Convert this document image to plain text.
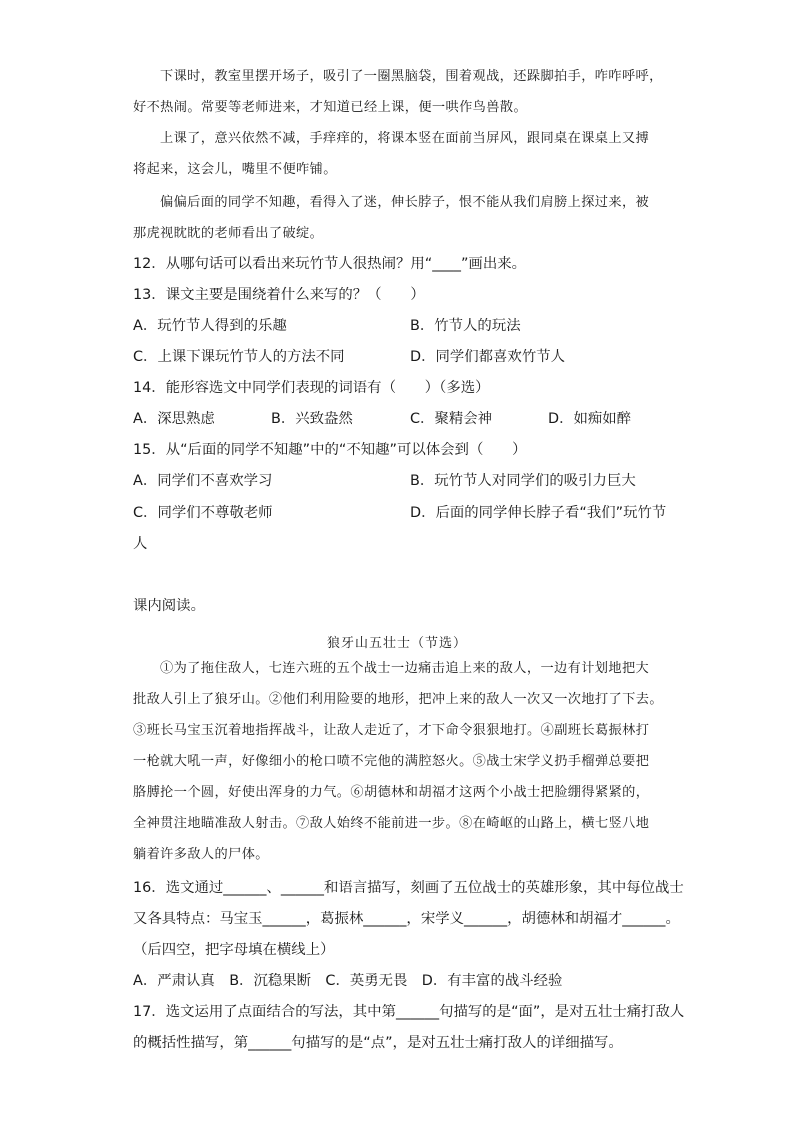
下课时，教室里摆开场子，吸引了一圈黑脑袋，围着观战，还跺脚拍手，咋咋呼呼，
好不热闹。常要等老师进来，才知道已经上课，便一哄作鸟兽散。
上课了，意兴依然不减，手痒痒的，将课本竖在面前当屏风，跟同桌在课桌上又搏
将起来，这会儿，嘴里不便咋铺。
偏偏后面的同学不知趣，看得入了迷，伸长脖子，恨不能从我们肩膀上探过来，被
那虎视眈眈的老师看出了破绽。
12．从哪句话可以看出来玩竹节人很热闹？用“____”画出来。
13．课文主要是围绕着什么来写的？（　　）
A．玩竹节人得到的乐趣	B．竹节人的玩法
C．上课下课玩竹节人的方法不同	D．同学们都喜欢竹节人
14．能形容选文中同学们表现的词语有（　　）（多选）
A．深思熟虑	B．兴致盎然	C．聚精会神	D．如痴如醉
15．从“后面的同学不知趣”中的“不知趣”可以体会到（　　）
A．同学们不喜欢学习	B．玩竹节人对同学们的吸引力巨大
C．同学们不尊敬老师	D．后面的同学伸长脖子看“我们”玩竹节
人
课内阅读。
狼牙山五壮士（节选）
①为了拖住敌人，七连六班的五个战士一边痛击追上来的敌人，一边有计划地把大
批敌人引上了狼牙山。②他们利用险要的地形，把冲上来的敌人一次又一次地打了下去。
③班长马宝玉沉着地指挥战斗，让敌人走近了，才下命令狠狠地打。④副班长葛振林打
一枪就大吼一声，好像细小的枪口喷不完他的满腔怒火。⑤战士宋学义扔手榴弹总要把
胳膊抡一个圆，好使出浑身的力气。⑥胡德林和胡福才这两个小战士把脸绷得紧紧的，
全神贯注地瞄准敌人射击。⑦敌人始终不能前进一步。⑧在崎岖的山路上，横七竖八地
躺着许多敌人的尸体。
16．选文通过______、______和语言描写，刻画了五位战士的英雄形象，其中每位战士
又各具特点：马宝玉______，葛振林______，宋学义______，胡德林和胡福才______。
（后四空，把字母填在横线上）
A．严肃认真　B．沉稳果断　C．英勇无畏　D．有丰富的战斗经验
17．选文运用了点面结合的写法，其中第______句描写的是“面”，是对五壮士痛打敌人
的概括性描写，第______句描写的是“点”，是对五壮士痛打敌人的详细描写。
